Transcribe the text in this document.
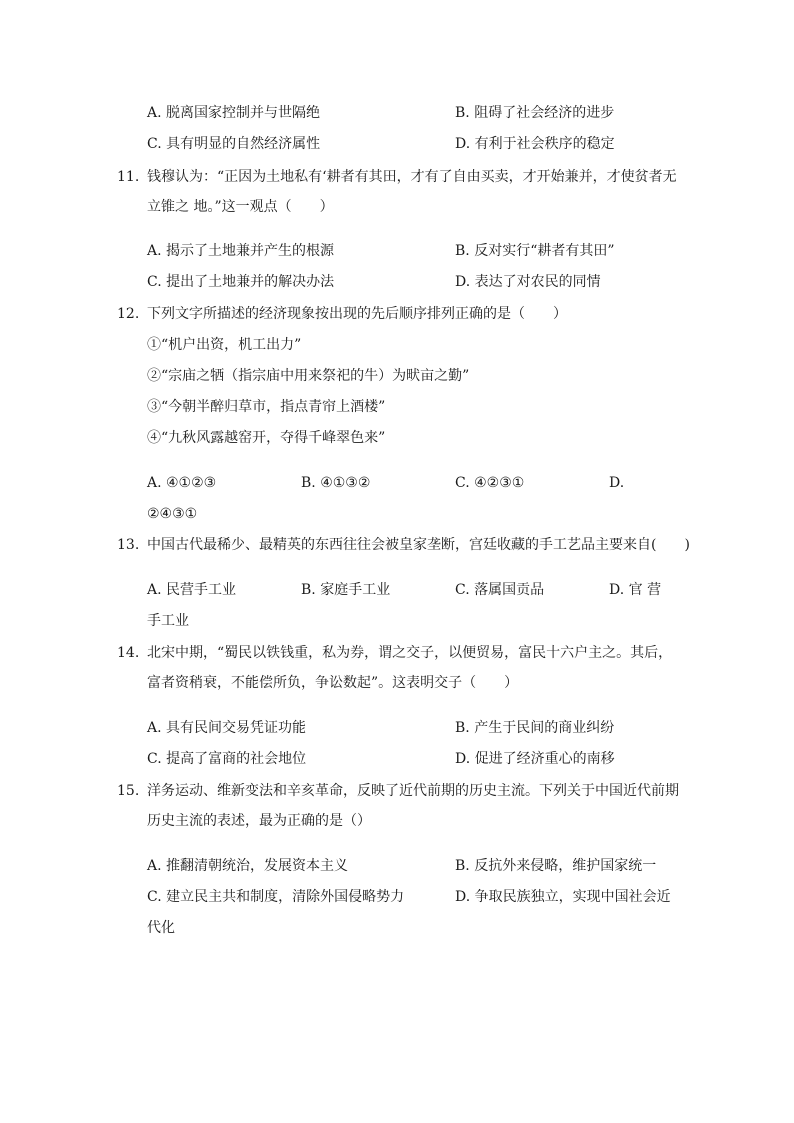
A. 脱离国家控制并与世隔绝	B. 阻碍了社会经济的进步
C. 具有明显的自然经济属性	D. 有利于社会秩序的稳定
11. 钱穆认为：“正因为土地私有‘耕者有其田，才有了自由买卖，才开始兼并，才使贫者无
立锥之 地。”这一观点（　　）
A. 揭示了土地兼并产生的根源	B. 反对实行“耕者有其田”
C. 提出了土地兼并的解决办法	D. 表达了对农民的同情
12. 下列文字所描述的经济现象按出现的先后顺序排列正确的是（　　）
①“机户出资，机工出力”
②“宗庙之牺（指宗庙中用来祭祀的牛）为畎亩之勤”
③“今朝半醉归草市，指点青帘上酒楼”
④“九秋风露越窑开，夺得千峰翠色来”
A. ④①②③	B. ④①③②	C. ④②③①	D.
②④③①
13. 中国古代最稀少、最精英的东西往往会被皇家垄断，宫廷收藏的手工艺品主要来自(　　)
A. 民营手工业	B. 家庭手工业	C. 落属国贡品	D. 官 营
手工业
14. 北宋中期，“蜀民以铁钱重，私为券，谓之交子，以便贸易，富民十六户主之。其后，
富者资稍衰，不能偿所负，争讼数起”。这表明交子（　　）
A. 具有民间交易凭证功能	B. 产生于民间的商业纠纷
C. 提高了富商的社会地位	D. 促进了经济重心的南移
15. 洋务运动、维新变法和辛亥革命，反映了近代前期的历史主流。下列关于中国近代前期
历史主流的表述，最为正确的是（）
A. 推翻清朝统治，发展资本主义	B. 反抗外来侵略，维护国家统一
C. 建立民主共和制度，清除外国侵略势力	D. 争取民族独立，实现中国社会近
代化
